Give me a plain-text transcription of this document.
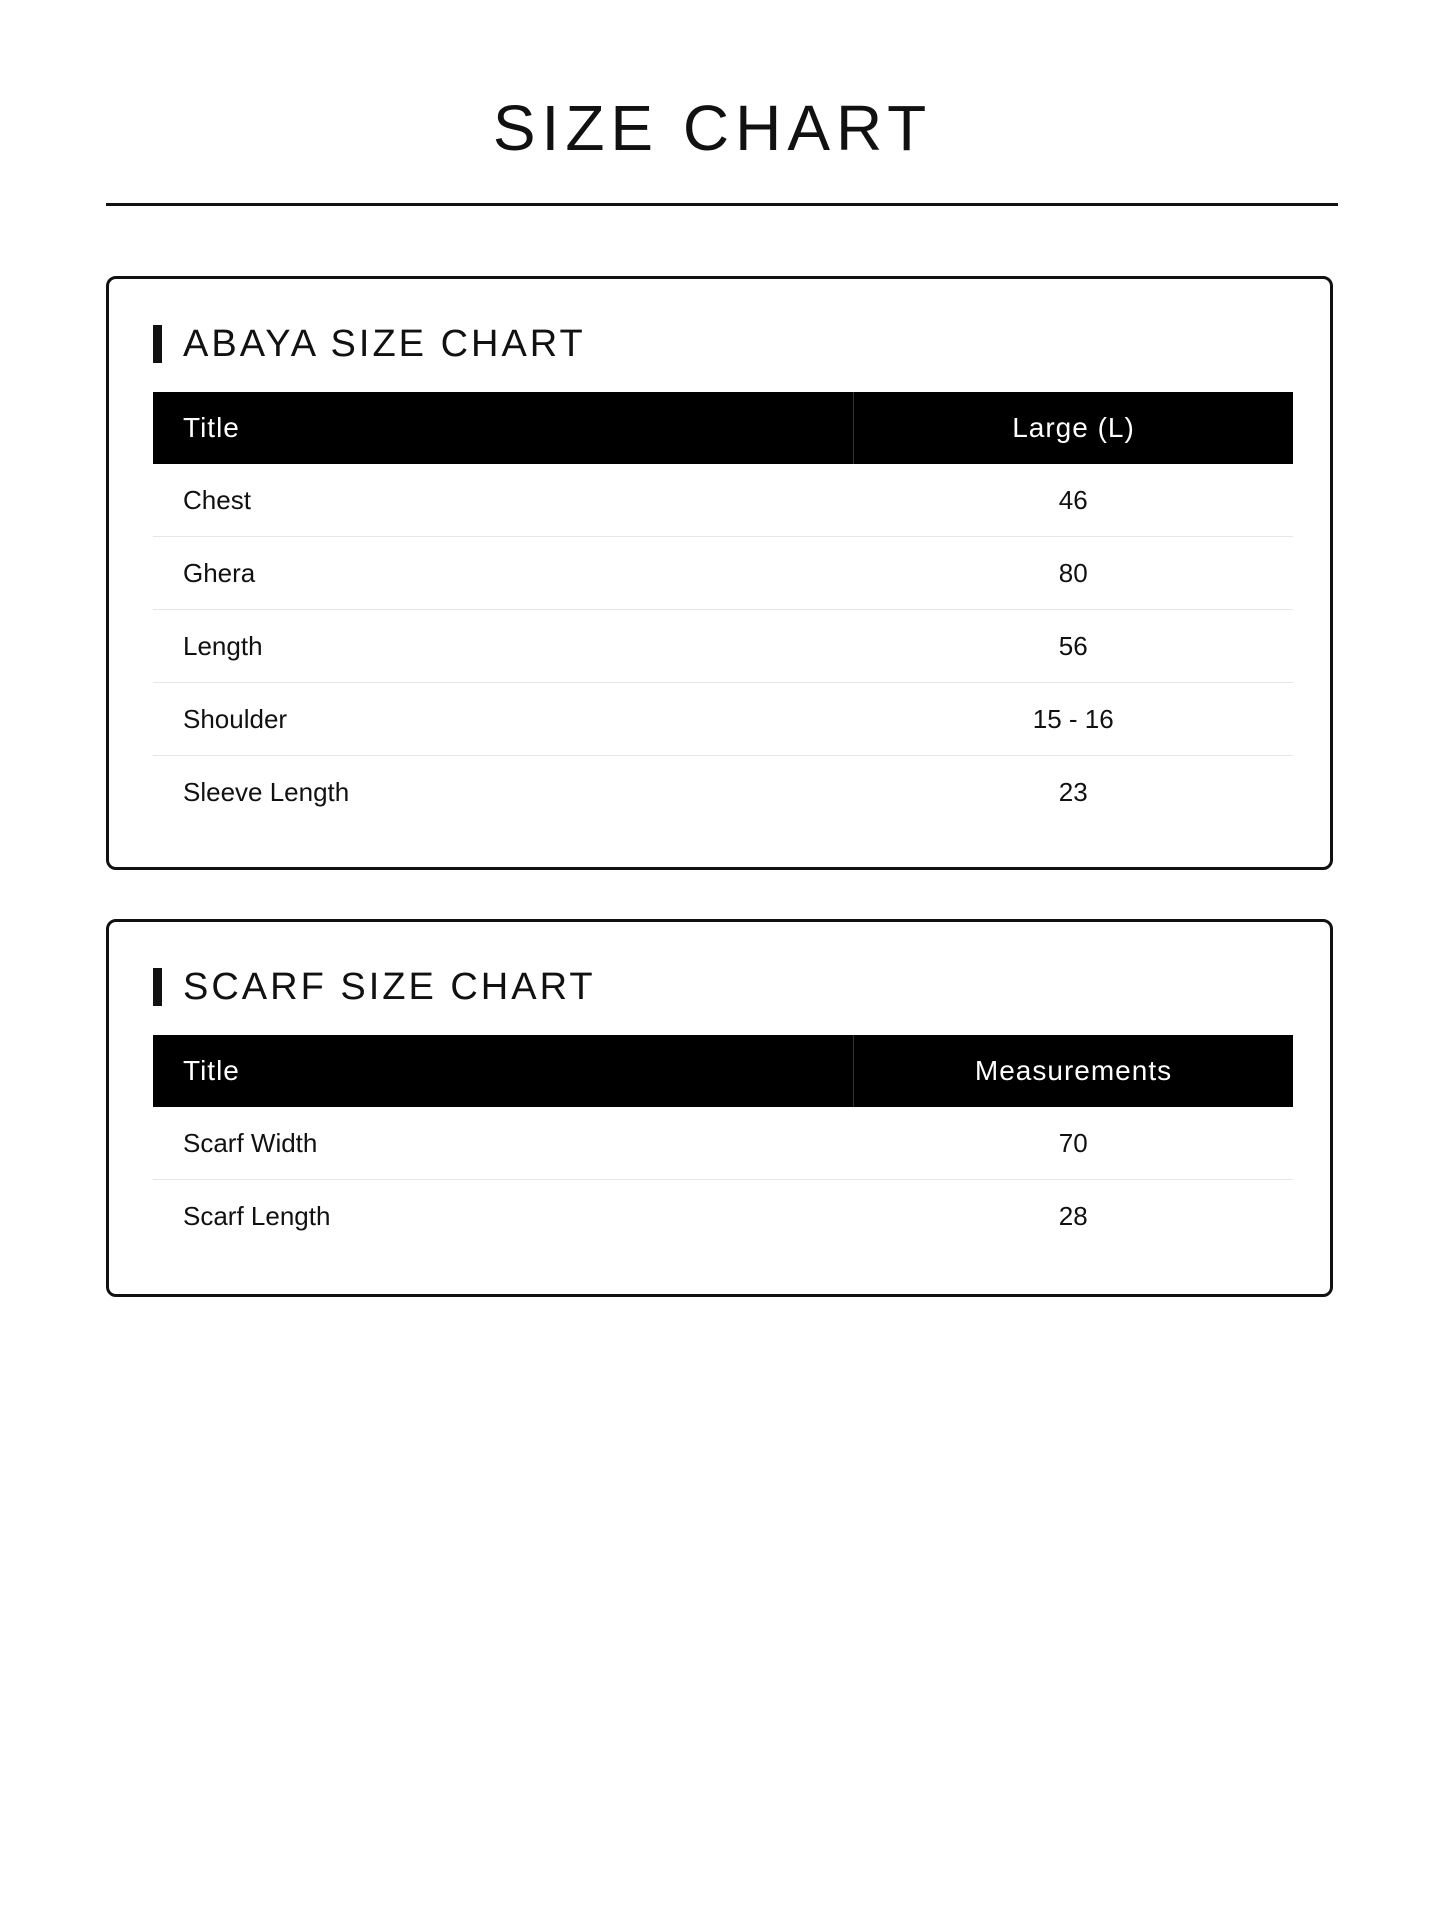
SIZE CHART
ABAYA SIZE CHART
Title	Large (L)
Chest	46
Ghera	80
Length	56
Shoulder	15 - 16
Sleeve Length	23
SCARF SIZE CHART
Title	Measurements
Scarf Width	70
Scarf Length	28
